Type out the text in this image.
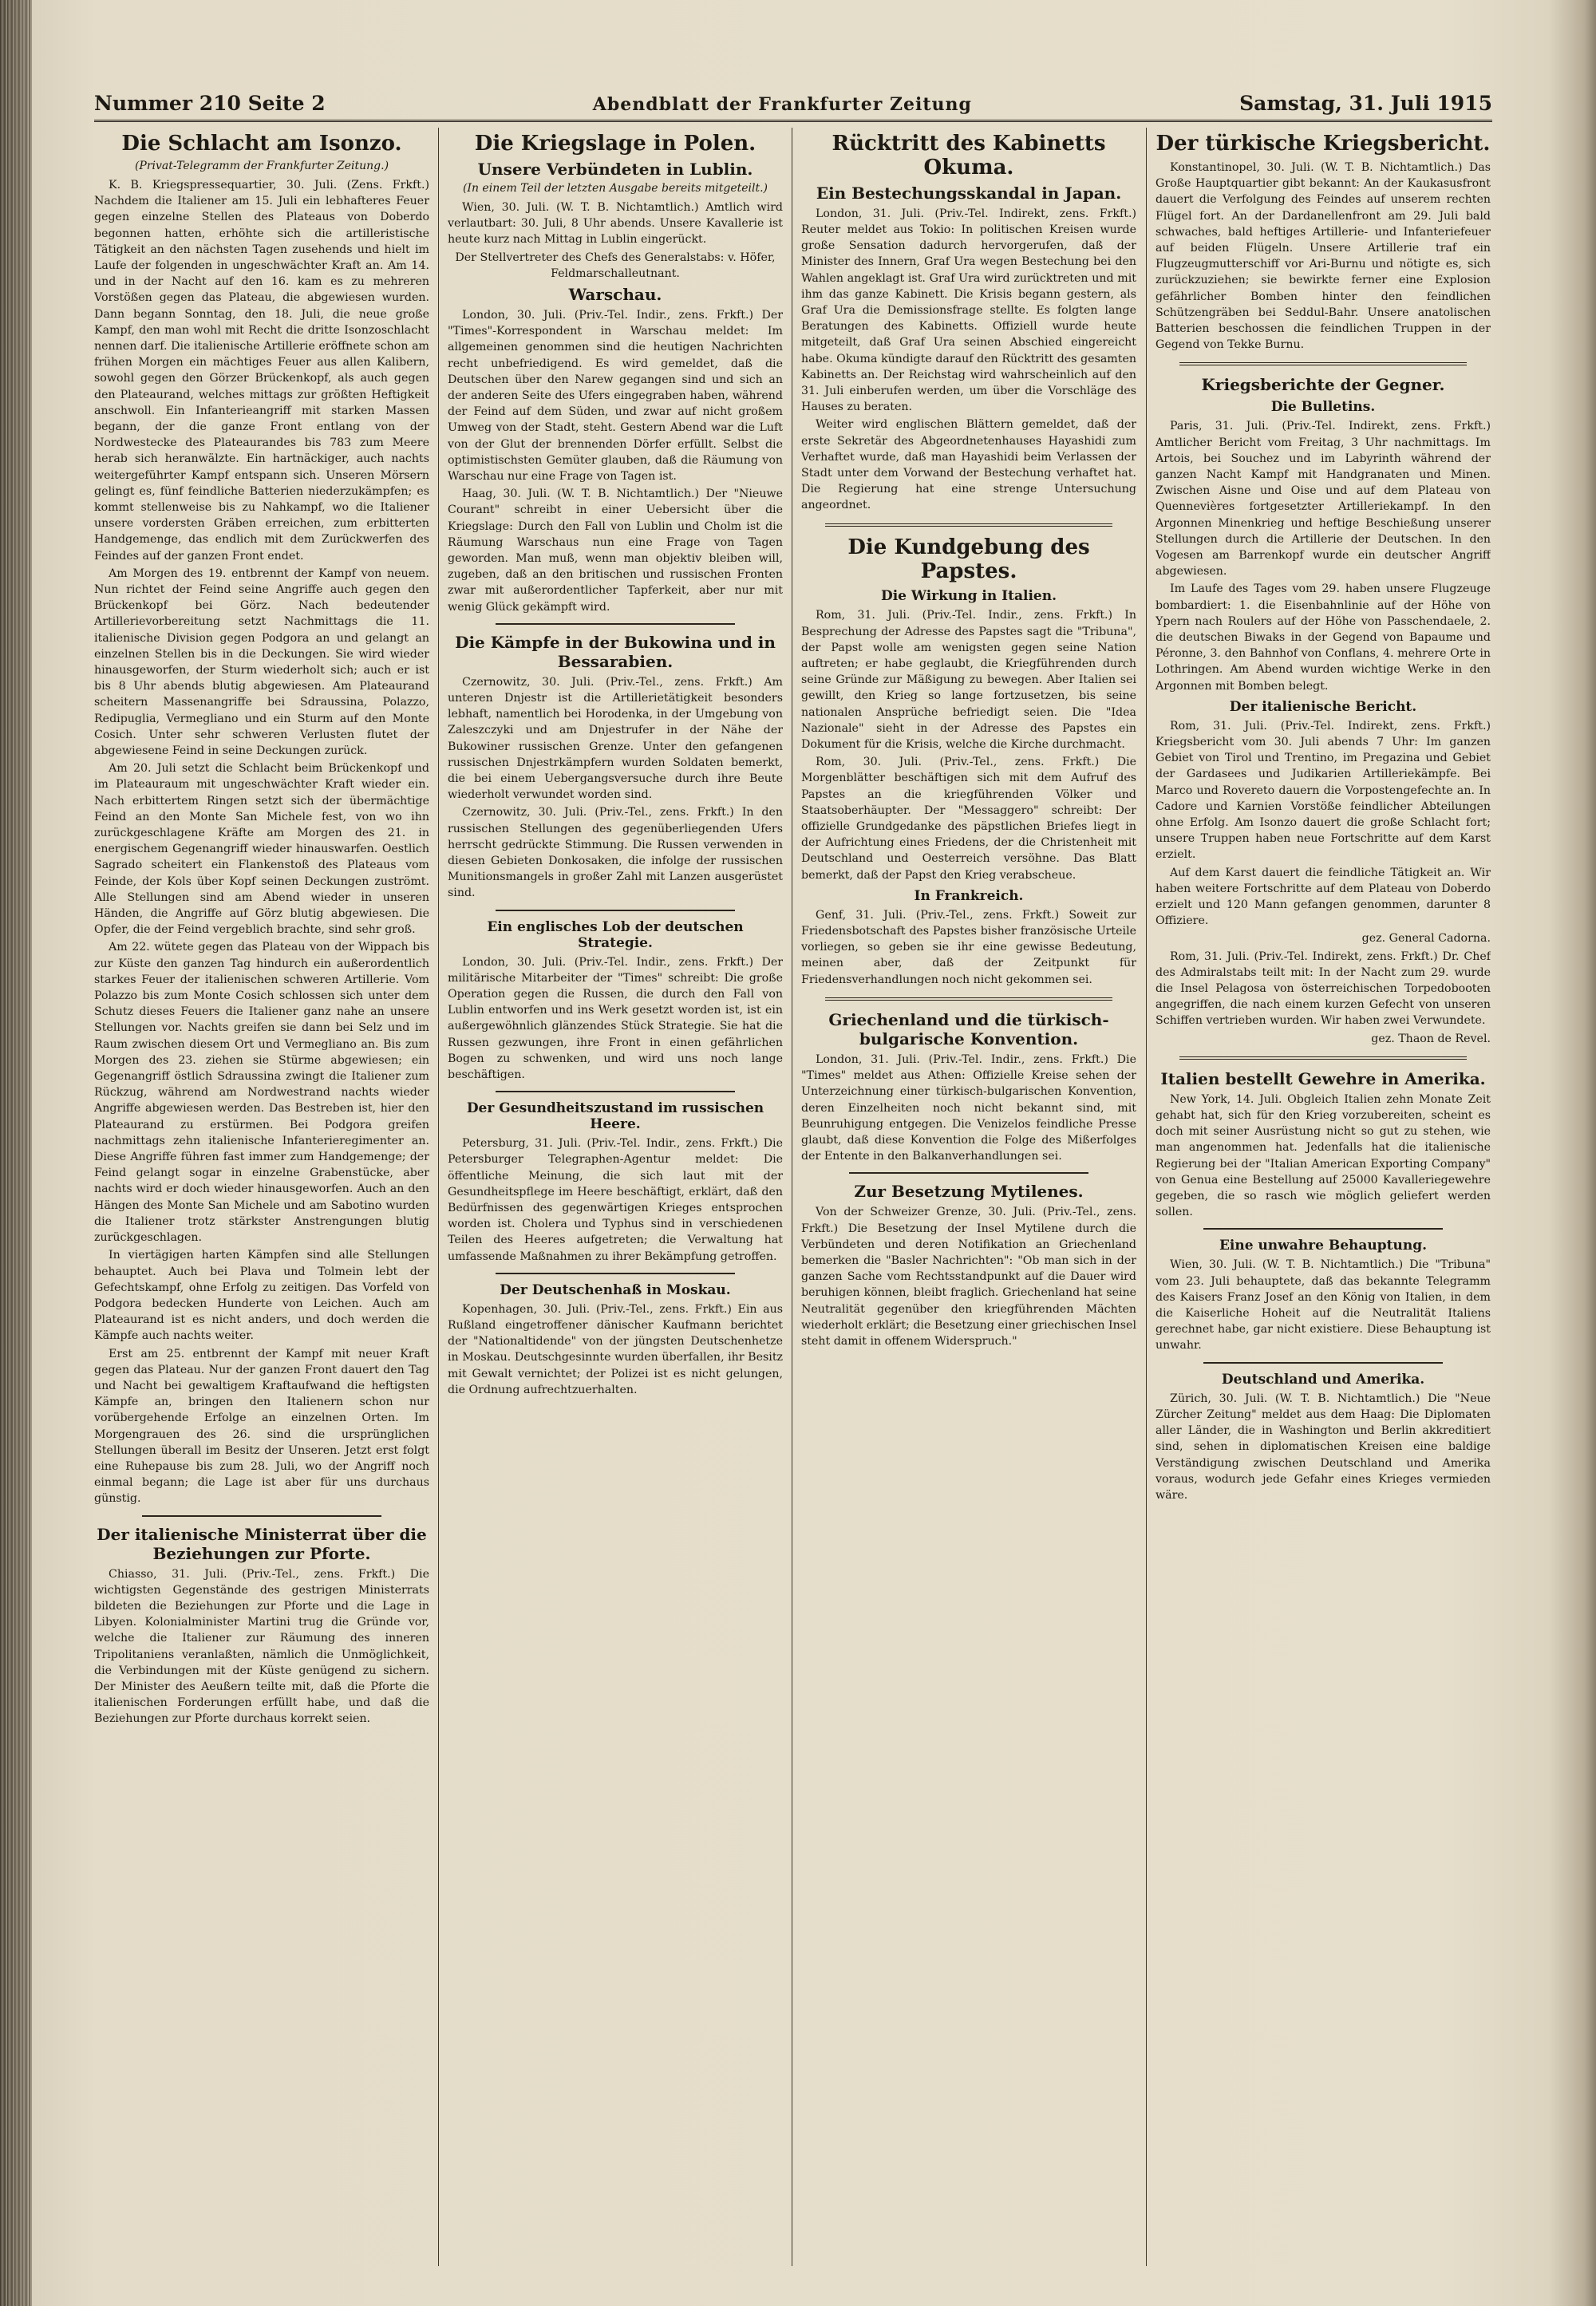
Nummer 210 Seite 2	Abendblatt der Frankfurter Zeitung	Samstag, 31. Juli 1915
Die Schlacht am Isonzo.
(Privat-Telegramm der Frankfurter Zeitung.)

K. B. Kriegspressequartier, 30. Juli. (Zens. Frkft.) Nachdem die Italiener am 15. Juli ein lebhafteres Feuer gegen einzelne Stellen des Plateaus von Doberdo begonnen hatten, erhöhte sich die artilleristische Tätigkeit an den nächsten Tagen zusehends und hielt im Laufe der folgenden in ungeschwächter Kraft an. Am 14. und in der Nacht auf den 16. kam es zu mehreren Vorstößen gegen das Plateau, die abgewiesen wurden. Dann begann Sonntag, den 18. Juli, die neue große Kampf, den man wohl mit Recht die dritte Isonzoschlacht nennen darf. Die italienische Artillerie eröffnete schon am frühen Morgen ein mächtiges Feuer aus allen Kalibern, sowohl gegen den Görzer Brückenkopf, als auch gegen den Plateaurand, welches mittags zur größten Heftigkeit anschwoll. Ein Infanterieangriff mit starken Massen begann, der die ganze Front entlang von der Nordwestecke des Plateaurandes bis 783 zum Meere herab sich heranwälzte. Ein hartnäckiger, auch nachts weitergeführter Kampf entspann sich. Unseren Mörsern gelingt es, fünf feindliche Batterien niederzukämpfen; es kommt stellenweise bis zu Nahkampf, wo die Italiener unsere vordersten Gräben erreichen, zum erbitterten Handgemenge, das endlich mit dem Zurückwerfen des Feindes auf der ganzen Front endet.

Am Morgen des 19. entbrennt der Kampf von neuem. Nun richtet der Feind seine Angriffe auch gegen den Brückenkopf bei Görz. Nach bedeutender Artillerievorbereitung setzt Nachmittags die 11. italienische Division gegen Podgora an und gelangt an einzelnen Stellen bis in die Deckungen. Sie wird wieder hinausgeworfen, der Sturm wiederholt sich; auch er ist bis 8 Uhr abends blutig abgewiesen. Am Plateaurand scheitern Massenangriffe bei Sdraussina, Polazzo, Redipuglia, Vermegliano und ein Sturm auf den Monte Cosich. Unter sehr schweren Verlusten flutet der abgewiesene Feind in seine Deckungen zurück.

Am 20. Juli setzt die Schlacht beim Brückenkopf und im Plateauraum mit ungeschwächter Kraft wieder ein. Nach erbittertem Ringen setzt sich der übermächtige Feind an den Monte San Michele fest, von wo ihn zurückgeschlagene Kräfte am Morgen des 21. in energischem Gegenangriff wieder hinauswarfen. Oestlich Sagrado scheitert ein Flankenstoß des Plateaus vom Feinde, der Kols über Kopf seinen Deckungen zuströmt. Alle Stellungen sind am Abend wieder in unseren Händen, die Angriffe auf Görz blutig abgewiesen. Die Opfer, die der Feind vergeblich brachte, sind sehr groß.

Am 22. wütete gegen das Plateau von der Wippach bis zur Küste den ganzen Tag hindurch ein außerordentlich starkes Feuer der italienischen schweren Artillerie. Vom Polazzo bis zum Monte Cosich schlossen sich unter dem Schutz dieses Feuers die Italiener ganz nahe an unsere Stellungen vor. Nachts greifen sie dann bei Selz und im Raum zwischen diesem Ort und Vermegliano an. Bis zum Morgen des 23. ziehen sie Stürme abgewiesen; ein Gegenangriff östlich Sdraussina zwingt die Italiener zum Rückzug, während am Nordwestrand nachts wieder Angriffe abgewiesen werden. Das Bestreben ist, hier den Plateaurand zu erstürmen. Bei Podgora greifen nachmittags zehn italienische Infanterieregimenter an. Diese Angriffe führen fast immer zum Handgemenge; der Feind gelangt sogar in einzelne Grabenstücke, aber nachts wird er doch wieder hinausgeworfen. Auch an den Hängen des Monte San Michele und am Sabotino wurden die Italiener trotz stärkster Anstrengungen blutig zurückgeschlagen.

In viertägigen harten Kämpfen sind alle Stellungen behauptet. Auch bei Plava und Tolmein lebt der Gefechtskampf, ohne Erfolg zu zeitigen. Das Vorfeld von Podgora bedecken Hunderte von Leichen. Auch am Plateaurand ist es nicht anders, und doch werden die Kämpfe auch nachts weiter.

Erst am 25. entbrennt der Kampf mit neuer Kraft gegen das Plateau. Nur der ganzen Front dauert den Tag und Nacht bei gewaltigem Kraftaufwand die heftigsten Kämpfe an, bringen den Italienern schon nur vorübergehende Erfolge an einzelnen Orten. Im Morgengrauen des 26. sind die ursprünglichen Stellungen überall im Besitz der Unseren. Jetzt erst folgt eine Ruhepause bis zum 28. Juli, wo der Angriff noch einmal begann; die Lage ist aber für uns durchaus günstig.

Der italienische Ministerrat über die Beziehungen zur Pforte.

Chiasso, 31. Juli. (Priv.-Tel., zens. Frkft.) Die wichtigsten Gegenstände des gestrigen Ministerrats bildeten die Beziehungen zur Pforte und die Lage in Libyen. Kolonialminister Martini trug die Gründe vor, welche die Italiener zur Räumung des inneren Tripolitaniens veranlaßten, nämlich die Unmöglichkeit, die Verbindungen mit der Küste genügend zu sichern. Der Minister des Aeußern teilte mit, daß die Pforte die italienischen Forderungen erfüllt habe, und daß die Beziehungen zur Pforte durchaus korrekt seien.

Die Kriegslage in Polen.
Unsere Verbündeten in Lublin.
(In einem Teil der letzten Ausgabe bereits mitgeteilt.)

Wien, 30. Juli. (W. T. B. Nichtamtlich.) Amtlich wird verlautbart: 30. Juli, 8 Uhr abends. Unsere Kavallerie ist heute kurz nach Mittag in Lublin eingerückt.

Der Stellvertreter des Chefs des Generalstabs: v. Höfer, Feldmarschalleutnant.

Warschau.

London, 30. Juli. (Priv.-Tel. Indir., zens. Frkft.) Der "Times"-Korrespondent in Warschau meldet: Im allgemeinen genommen sind die heutigen Nachrichten recht unbefriedigend. Es wird gemeldet, daß die Deutschen über den Narew gegangen sind und sich an der anderen Seite des Ufers eingegraben haben, während der Feind auf dem Süden, und zwar auf nicht großem Umweg von der Stadt, steht. Gestern Abend war die Luft von der Glut der brennenden Dörfer erfüllt. Selbst die optimistischsten Gemüter glauben, daß die Räumung von Warschau nur eine Frage von Tagen ist.

Haag, 30. Juli. (W. T. B. Nichtamtlich.) Der "Nieuwe Courant" schreibt in einer Uebersicht über die Kriegslage: Durch den Fall von Lublin und Cholm ist die Räumung Warschaus nun eine Frage von Tagen geworden. Man muß, wenn man objektiv bleiben will, zugeben, daß an den britischen und russischen Fronten zwar mit außerordentlicher Tapferkeit, aber nur mit wenig Glück gekämpft wird.

Die Kämpfe in der Bukowina und in Bessarabien.

Czernowitz, 30. Juli. (Priv.-Tel., zens. Frkft.) Am unteren Dnjestr ist die Artillerietätigkeit besonders lebhaft, namentlich bei Horodenka, in der Umgebung von Zaleszczyki und am Dnjestrufer in der Nähe der Bukowiner russischen Grenze. Unter den gefangenen russischen Dnjestrkämpfern wurden Soldaten bemerkt, die bei einem Uebergangsversuche durch ihre Beute wiederholt verwundet worden sind.

Czernowitz, 30. Juli. (Priv.-Tel., zens. Frkft.) In den russischen Stellungen des gegenüberliegenden Ufers herrscht gedrückte Stimmung. Die Russen verwenden in diesen Gebieten Donkosaken, die infolge der russischen Munitionsmangels in großer Zahl mit Lanzen ausgerüstet sind.

Ein englisches Lob der deutschen Strategie.

London, 30. Juli. (Priv.-Tel. Indir., zens. Frkft.) Der militärische Mitarbeiter der "Times" schreibt: Die große Operation gegen die Russen, die durch den Fall von Lublin entworfen und ins Werk gesetzt worden ist, ist ein außergewöhnlich glänzendes Stück Strategie. Sie hat die Russen gezwungen, ihre Front in einen gefährlichen Bogen zu schwenken, und wird uns noch lange beschäftigen.

Der Gesundheitszustand im russischen Heere.

Petersburg, 31. Juli. (Priv.-Tel. Indir., zens. Frkft.) Die Petersburger Telegraphen-Agentur meldet: Die öffentliche Meinung, die sich laut mit der Gesundheitspflege im Heere beschäftigt, erklärt, daß den Bedürfnissen des gegenwärtigen Krieges entsprochen worden ist. Cholera und Typhus sind in verschiedenen Teilen des Heeres aufgetreten; die Verwaltung hat umfassende Maßnahmen zu ihrer Bekämpfung getroffen.

Der Deutschenhaß in Moskau.

Kopenhagen, 30. Juli. (Priv.-Tel., zens. Frkft.) Ein aus Rußland eingetroffener dänischer Kaufmann berichtet der "Nationaltidende" von der jüngsten Deutschenhetze in Moskau. Deutschgesinnte wurden überfallen, ihr Besitz mit Gewalt vernichtet; der Polizei ist es nicht gelungen, die Ordnung aufrechtzuerhalten.

Rücktritt des Kabinetts Okuma.
Ein Bestechungsskandal in Japan.

London, 31. Juli. (Priv.-Tel. Indirekt, zens. Frkft.) Reuter meldet aus Tokio: In politischen Kreisen wurde große Sensation dadurch hervorgerufen, daß der Minister des Innern, Graf Ura wegen Bestechung bei den Wahlen angeklagt ist. Graf Ura wird zurücktreten und mit ihm das ganze Kabinett. Die Krisis begann gestern, als Graf Ura die Demissionsfrage stellte. Es folgten lange Beratungen des Kabinetts. Offiziell wurde heute mitgeteilt, daß Graf Ura seinen Abschied eingereicht habe. Okuma kündigte darauf den Rücktritt des gesamten Kabinetts an. Der Reichstag wird wahrscheinlich auf den 31. Juli einberufen werden, um über die Vorschläge des Hauses zu beraten.

Weiter wird englischen Blättern gemeldet, daß der erste Sekretär des Abgeordnetenhauses Hayashidi zum Verhaftet wurde, daß man Hayashidi beim Verlassen der Stadt unter dem Vorwand der Bestechung verhaftet hat. Die Regierung hat eine strenge Untersuchung angeordnet.

Die Kundgebung des Papstes.
Die Wirkung in Italien.

Rom, 31. Juli. (Priv.-Tel. Indir., zens. Frkft.) In Besprechung der Adresse des Papstes sagt die "Tribuna", der Papst wolle am wenigsten gegen seine Nation auftreten; er habe geglaubt, die Kriegführenden durch seine Gründe zur Mäßigung zu bewegen. Aber Italien sei gewillt, den Krieg so lange fortzusetzen, bis seine nationalen Ansprüche befriedigt seien. Die "Idea Nazionale" sieht in der Adresse des Papstes ein Dokument für die Krisis, welche die Kirche durchmacht.

Rom, 30. Juli. (Priv.-Tel., zens. Frkft.) Die Morgenblätter beschäftigen sich mit dem Aufruf des Papstes an die kriegführenden Völker und Staatsoberhäupter. Der "Messaggero" schreibt: Der offizielle Grundgedanke des päpstlichen Briefes liegt in der Aufrichtung eines Friedens, der die Christenheit mit Deutschland und Oesterreich versöhne. Das Blatt bemerkt, daß der Papst den Krieg verabscheue.

In Frankreich.

Genf, 31. Juli. (Priv.-Tel., zens. Frkft.) Soweit zur Friedensbotschaft des Papstes bisher französische Urteile vorliegen, so geben sie ihr eine gewisse Bedeutung, meinen aber, daß der Zeitpunkt für Friedensverhandlungen noch nicht gekommen sei.

Griechenland und die türkisch-bulgarische Konvention.

London, 31. Juli. (Priv.-Tel. Indir., zens. Frkft.) Die "Times" meldet aus Athen: Offizielle Kreise sehen der Unterzeichnung einer türkisch-bulgarischen Konvention, deren Einzelheiten noch nicht bekannt sind, mit Beunruhigung entgegen. Die Venizelos feindliche Presse glaubt, daß diese Konvention die Folge des Mißerfolges der Entente in den Balkanverhandlungen sei.

Zur Besetzung Mytilenes.

Von der Schweizer Grenze, 30. Juli. (Priv.-Tel., zens. Frkft.) Die Besetzung der Insel Mytilene durch die Verbündeten und deren Notifikation an Griechenland bemerken die "Basler Nachrichten": "Ob man sich in der ganzen Sache vom Rechtsstandpunkt auf die Dauer wird beruhigen können, bleibt fraglich. Griechenland hat seine Neutralität gegenüber den kriegführenden Mächten wiederholt erklärt; die Besetzung einer griechischen Insel steht damit in offenem Widerspruch."

Der türkische Kriegsbericht.

Konstantinopel, 30. Juli. (W. T. B. Nichtamtlich.) Das Große Hauptquartier gibt bekannt: An der Kaukasusfront dauert die Verfolgung des Feindes auf unserem rechten Flügel fort. An der Dardanellenfront am 29. Juli bald schwaches, bald heftiges Artillerie- und Infanteriefeuer auf beiden Flügeln. Unsere Artillerie traf ein Flugzeugmutterschiff vor Ari-Burnu und nötigte es, sich zurückzuziehen; sie bewirkte ferner eine Explosion gefährlicher Bomben hinter den feindlichen Schützengräben bei Seddul-Bahr. Unsere anatolischen Batterien beschossen die feindlichen Truppen in der Gegend von Tekke Burnu.

Kriegsberichte der Gegner.
Die Bulletins.

Paris, 31. Juli. (Priv.-Tel. Indirekt, zens. Frkft.) Amtlicher Bericht vom Freitag, 3 Uhr nachmittags. Im Artois, bei Souchez und im Labyrinth während der ganzen Nacht Kampf mit Handgranaten und Minen. Zwischen Aisne und Oise und auf dem Plateau von Quennevières fortgesetzter Artilleriekampf. In den Argonnen Minenkrieg und heftige Beschießung unserer Stellungen durch die Artillerie der Deutschen. In den Vogesen am Barrenkopf wurde ein deutscher Angriff abgewiesen.

Im Laufe des Tages vom 29. haben unsere Flugzeuge bombardiert: 1. die Eisenbahnlinie auf der Höhe von Ypern nach Roulers auf der Höhe von Passchendaele, 2. die deutschen Biwaks in der Gegend von Bapaume und Péronne, 3. den Bahnhof von Conflans, 4. mehrere Orte in Lothringen. Am Abend wurden wichtige Werke in den Argonnen mit Bomben belegt.

Der italienische Bericht.

Rom, 31. Juli. (Priv.-Tel. Indirekt, zens. Frkft.) Kriegsbericht vom 30. Juli abends 7 Uhr: Im ganzen Gebiet von Tirol und Trentino, im Pregazina und Gebiet der Gardasees und Judikarien Artilleriekämpfe. Bei Marco und Rovereto dauern die Vorpostengefechte an. In Cadore und Karnien Vorstöße feindlicher Abteilungen ohne Erfolg. Am Isonzo dauert die große Schlacht fort; unsere Truppen haben neue Fortschritte auf dem Karst erzielt.

Auf dem Karst dauert die feindliche Tätigkeit an. Wir haben weitere Fortschritte auf dem Plateau von Doberdo erzielt und 120 Mann gefangen genommen, darunter 8 Offiziere.

gez. General Cadorna.

Rom, 31. Juli. (Priv.-Tel. Indirekt, zens. Frkft.) Dr. Chef des Admiralstabs teilt mit: In der Nacht zum 29. wurde die Insel Pelagosa von österreichischen Torpedobooten angegriffen, die nach einem kurzen Gefecht von unseren Schiffen vertrieben wurden. Wir haben zwei Verwundete.

gez. Thaon de Revel.

Italien bestellt Gewehre in Amerika.

New York, 14. Juli. Obgleich Italien zehn Monate Zeit gehabt hat, sich für den Krieg vorzubereiten, scheint es doch mit seiner Ausrüstung nicht so gut zu stehen, wie man angenommen hat. Jedenfalls hat die italienische Regierung bei der "Italian American Exporting Company" von Genua eine Bestellung auf 25000 Kavalleriegewehre gegeben, die so rasch wie möglich geliefert werden sollen.

Eine unwahre Behauptung.

Wien, 30. Juli. (W. T. B. Nichtamtlich.) Die "Tribuna" vom 23. Juli behauptete, daß das bekannte Telegramm des Kaisers Franz Josef an den König von Italien, in dem die Kaiserliche Hoheit auf die Neutralität Italiens gerechnet habe, gar nicht existiere. Diese Behauptung ist unwahr.

Deutschland und Amerika.

Zürich, 30. Juli. (W. T. B. Nichtamtlich.) Die "Neue Zürcher Zeitung" meldet aus dem Haag: Die Diplomaten aller Länder, die in Washington und Berlin akkreditiert sind, sehen in diplomatischen Kreisen eine baldige Verständigung zwischen Deutschland und Amerika voraus, wodurch jede Gefahr eines Krieges vermieden wäre.
